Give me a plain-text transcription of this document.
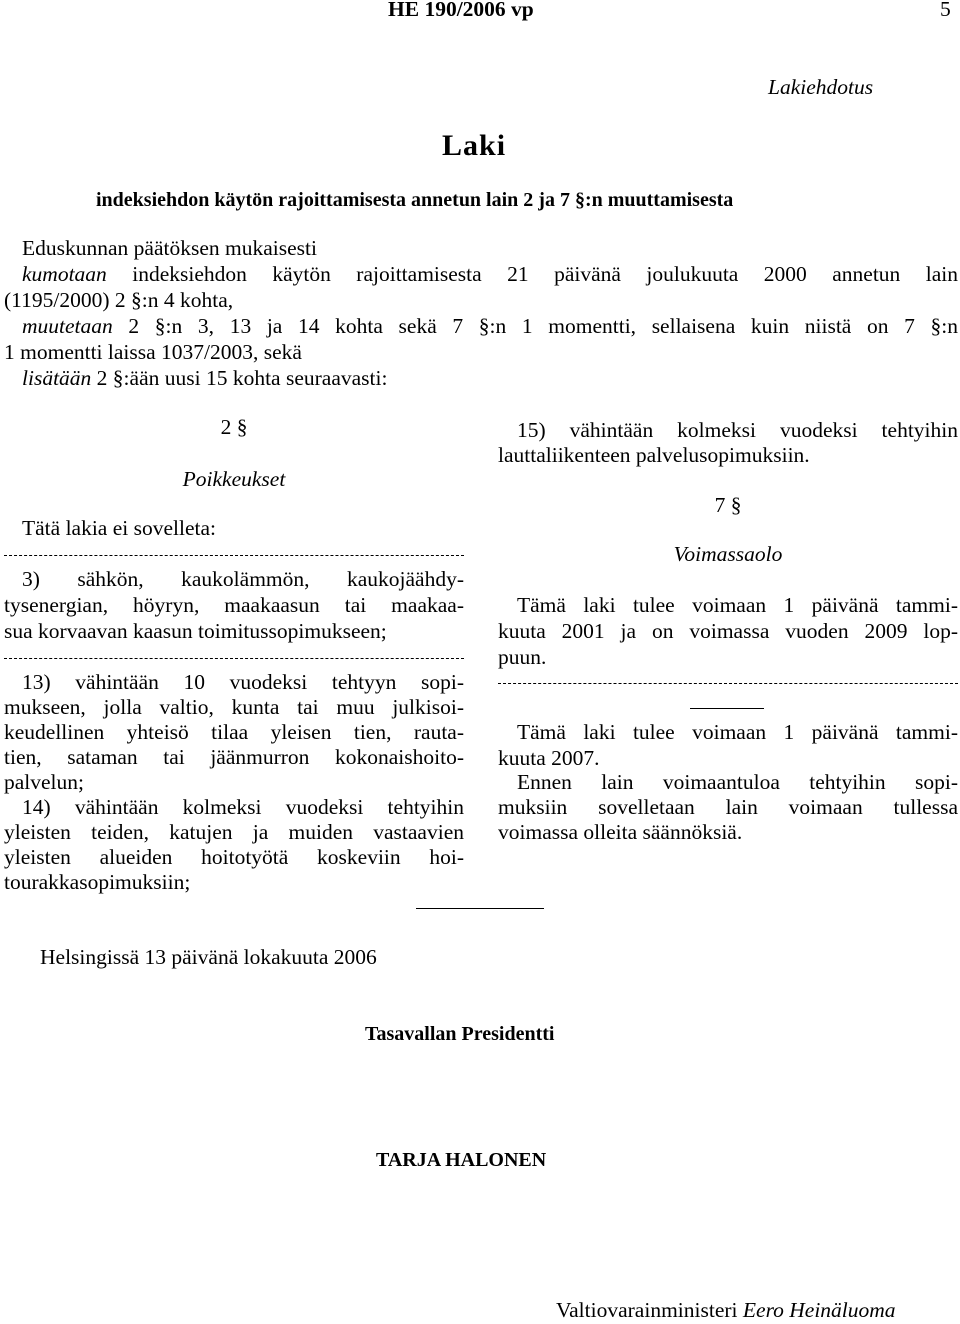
HE 190/2006 vp	5
Lakiehdotus
Laki
indeksiehdon käytön rajoittamisesta annetun lain 2 ja 7 §:n muuttamisesta
Eduskunnan päätöksen mukaisesti
kumotaan indeksiehdon käytön rajoittamisesta 21 päivänä joulukuuta 2000 annetun lain
(1195/2000) 2 §:n 4 kohta,
muutetaan 2 §:n 3, 13 ja 14 kohta sekä 7 §:n 1 momentti, sellaisena kuin niistä on 7 §:n
1 momentti laissa 1037/2003, sekä
lisätään 2 §:ään uusi 15 kohta seuraavasti:
2 §
Poikkeukset
Tätä lakia ei sovelleta:
3) sähkön, kaukolämmön, kaukojäähdy-
tysenergian, höyryn, maakaasun tai maakaa-
sua korvaavan kaasun toimitussopimukseen;
13) vähintään 10 vuodeksi tehtyyn sopi-
mukseen, jolla valtio, kunta tai muu julkisoi-
keudellinen yhteisö tilaa yleisen tien, rauta-
tien, sataman tai jäänmurron kokonaishoito-
palvelun;
14) vähintään kolmeksi vuodeksi tehtyihin
yleisten teiden, katujen ja muiden vastaavien
yleisten alueiden hoitotyötä koskeviin hoi-
tourakkasopimuksiin;
15) vähintään kolmeksi vuodeksi tehtyihin
lauttaliikenteen palvelusopimuksiin.
7 §
Voimassaolo
Tämä laki tulee voimaan 1 päivänä tammi-
kuuta 2001 ja on voimassa vuoden 2009 lop-
puun.
Tämä laki tulee voimaan 1 päivänä tammi-
kuuta 2007.
Ennen lain voimaantuloa tehtyihin sopi-
muksiin sovelletaan lain voimaan tullessa
voimassa olleita säännöksiä.
Helsingissä 13 päivänä lokakuuta 2006
Tasavallan Presidentti
TARJA HALONEN
Valtiovarainministeri Eero Heinäluoma
